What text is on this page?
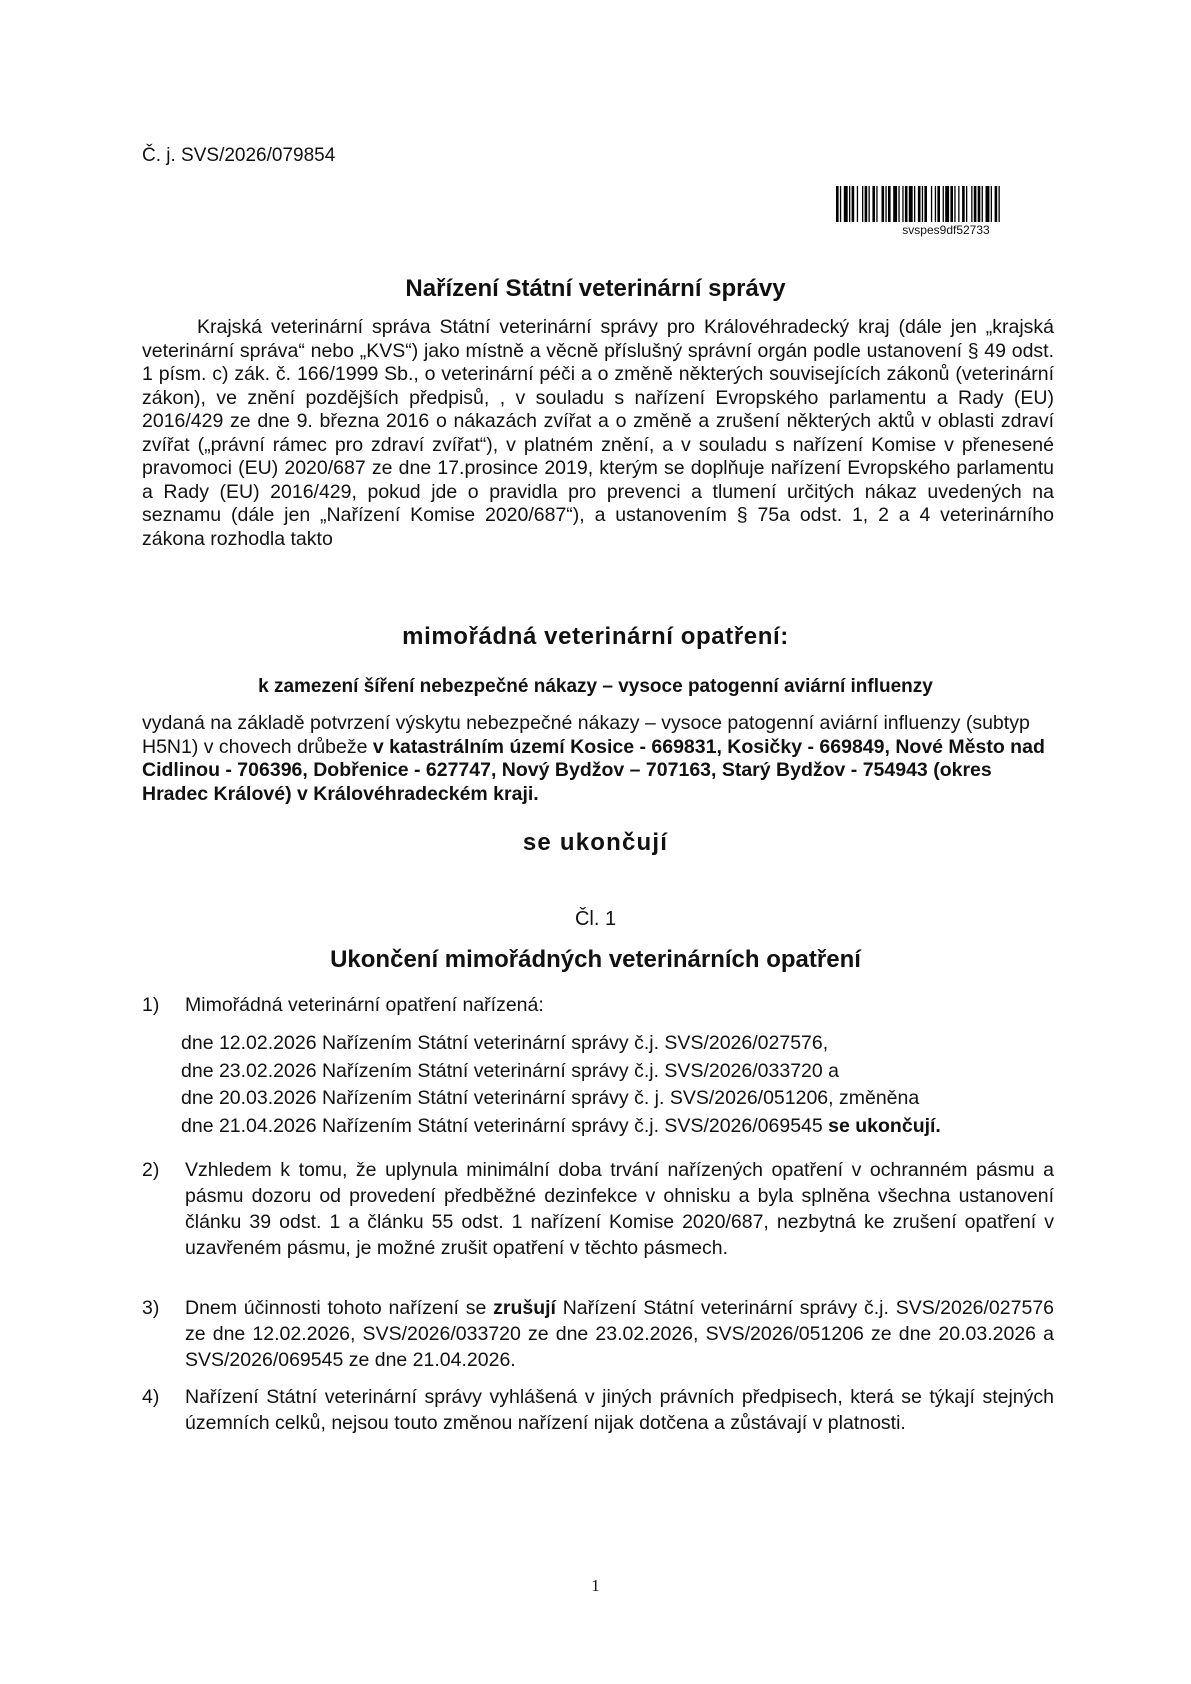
Č. j. SVS/2026/079854
svspes9df52733
Nařízení Státní veterinární správy
Krajská veterinární správa Státní veterinární správy pro Královéhradecký kraj (dále jen „krajská veterinární správa“ nebo „KVS“) jako místně a věcně příslušný správní orgán podle ustanovení § 49 odst. 1 písm. c) zák. č. 166/1999 Sb., o veterinární péči a o změně některých souvisejících zákonů (veterinární zákon), ve znění pozdějších předpisů, , v souladu s nařízení Evropského parlamentu a Rady (EU) 2016/429 ze dne 9. března 2016 o nákazách zvířat a o změně a zrušení některých aktů v oblasti zdraví zvířat („právní rámec pro zdraví zvířat“), v platném znění, a v souladu s nařízení Komise v přenesené pravomoci (EU) 2020/687 ze dne 17.prosince 2019, kterým se doplňuje nařízení Evropského parlamentu a Rady (EU) 2016/429, pokud jde o pravidla pro prevenci a tlumení určitých nákaz uvedených na seznamu (dále jen „Nařízení Komise 2020/687“), a ustanovením § 75a odst. 1, 2 a 4 veterinárního zákona rozhodla takto
mimořádná veterinární opatření:
k zamezení šíření nebezpečné nákazy – vysoce patogenní aviární influenzy
vydaná na základě potvrzení výskytu nebezpečné nákazy – vysoce patogenní aviární influenzy (subtyp H5N1) v chovech drůbeže v katastrálním území Kosice - 669831, Kosičky - 669849, Nové Město nad Cidlinou - 706396, Dobřenice - 627747, Nový Bydžov – 707163, Starý Bydžov - 754943 (okres Hradec Králové) v Královéhradeckém kraji.
se ukončují
Čl. 1
Ukončení mimořádných veterinárních opatření
1)	Mimořádná veterinární opatření nařízená:
dne 12.02.2026 Nařízením Státní veterinární správy č.j. SVS/2026/027576,
dne 23.02.2026 Nařízením Státní veterinární správy č.j. SVS/2026/033720 a
dne 20.03.2026 Nařízením Státní veterinární správy č. j. SVS/2026/051206, změněna
dne 21.04.2026 Nařízením Státní veterinární správy č.j. SVS/2026/069545 se ukončují.
2)	Vzhledem k tomu, že uplynula minimální doba trvání nařízených opatření v ochranném pásmu a pásmu dozoru od provedení předběžné dezinfekce v ohnisku a byla splněna všechna ustanovení článku 39 odst. 1 a článku 55 odst. 1 nařízení Komise 2020/687, nezbytná ke zrušení opatření v uzavřeném pásmu, je možné zrušit opatření v těchto pásmech.
3)	Dnem účinnosti tohoto nařízení se zrušují Nařízení Státní veterinární správy č.j. SVS/2026/027576 ze dne 12.02.2026, SVS/2026/033720 ze dne 23.02.2026, SVS/2026/051206 ze dne 20.03.2026 a SVS/2026/069545 ze dne 21.04.2026.
4)	Nařízení Státní veterinární správy vyhlášená v jiných právních předpisech, která se týkají stejných územních celků, nejsou touto změnou nařízení nijak dotčena a zůstávají v platnosti.
1
